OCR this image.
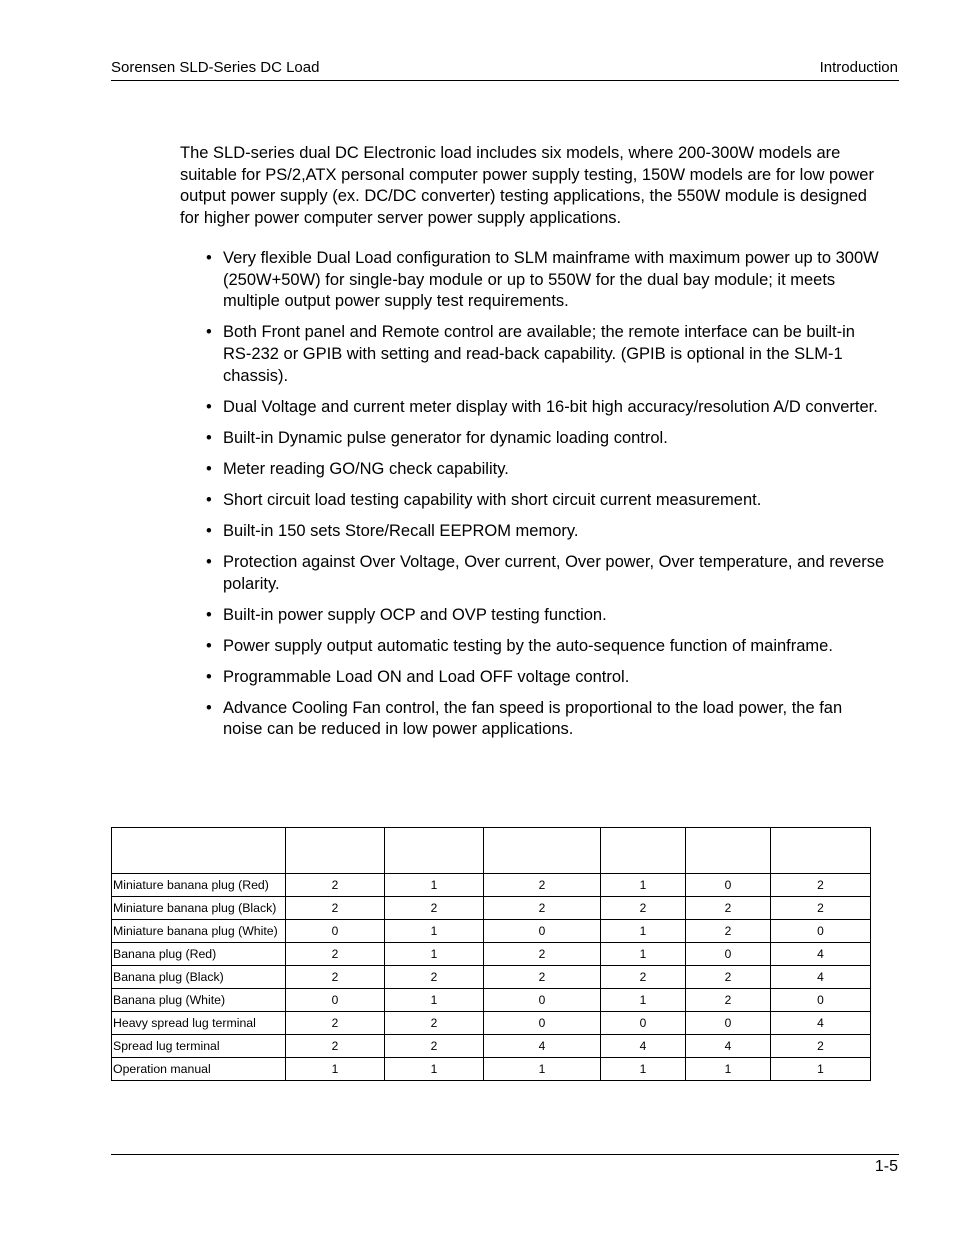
Sorensen SLD-Series DC Load	Introduction

The SLD-series dual DC Electronic load includes six models, where 200-300W models are suitable for PS/2,ATX personal computer power supply testing, 150W models are for low power output power supply (ex. DC/DC converter) testing applications, the 550W module is designed for higher power computer server power supply applications.

• Very flexible Dual Load configuration to SLM mainframe with maximum power up to 300W (250W+50W) for single-bay module or up to 550W for the dual bay module; it meets multiple output power supply test requirements.
• Both Front panel and Remote control are available; the remote interface can be built-in RS-232 or GPIB with setting and read-back capability. (GPIB is optional in the SLM-1 chassis).
• Dual Voltage and current meter display with 16-bit high accuracy/resolution A/D converter.
• Built-in Dynamic pulse generator for dynamic loading control.
• Meter reading GO/NG check capability.
• Short circuit load testing capability with short circuit current measurement.
• Built-in 150 sets Store/Recall EEPROM memory.
• Protection against Over Voltage, Over current, Over power, Over temperature, and reverse polarity.
• Built-in power supply OCP and OVP testing function.
• Power supply output automatic testing by the auto-sequence function of mainframe.
• Programmable Load ON and Load OFF voltage control.
• Advance Cooling Fan control, the fan speed is proportional to the load power, the fan noise can be reduced in low power applications.

Miniature banana plug (Red)	2	1	2	1	0	2
Miniature banana plug (Black)	2	2	2	2	2	2
Miniature banana plug (White)	0	1	0	1	2	0
Banana plug (Red)	2	1	2	1	0	4
Banana plug (Black)	2	2	2	2	2	4
Banana plug (White)	0	1	0	1	2	0
Heavy spread lug terminal	2	2	0	0	0	4
Spread lug terminal	2	2	4	4	4	2
Operation manual	1	1	1	1	1	1
1-5
